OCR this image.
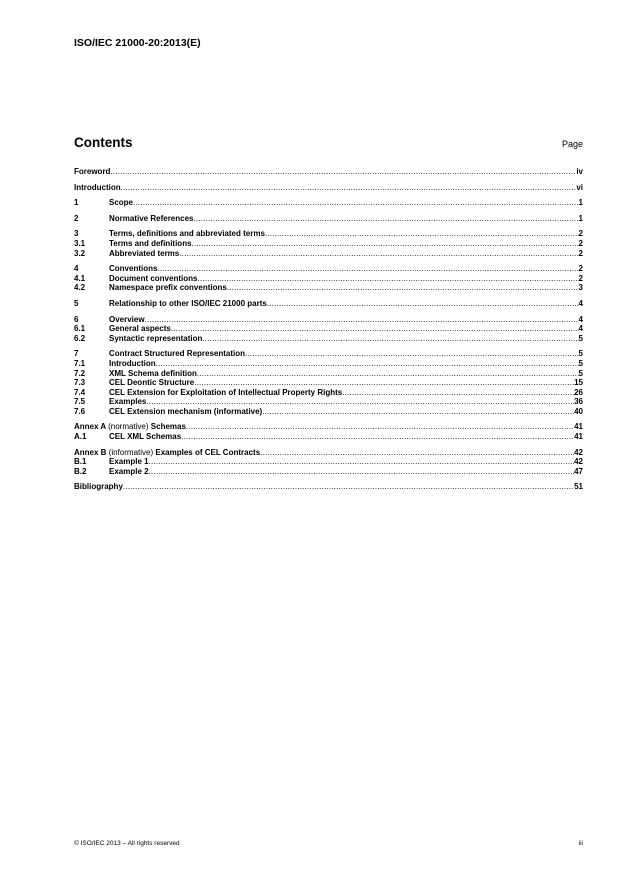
ISO/IEC 21000-20:2013(E)
Contents	Page
Foreword .....	iv
Introduction .....	vi
1	Scope .....	1
2	Normative References .....	1
3	Terms, definitions and abbreviated terms .....	2
3.1	Terms and definitions .....	2
3.2	Abbreviated terms .....	2
4	Conventions .....	2
4.1	Document conventions .....	2
4.2	Namespace prefix conventions .....	3
5	Relationship to other ISO/IEC 21000 parts .....	4
6	Overview .....	4
6.1	General aspects .....	4
6.2	Syntactic representation .....	5
7	Contract Structured Representation .....	5
7.1	Introduction .....	5
7.2	XML Schema definition .....	5
7.3	CEL Deontic Structure .....	15
7.4	CEL Extension for Exploitation of Intellectual Property Rights .....	26
7.5	Examples .....	36
7.6	CEL Extension mechanism (informative) .....	40
Annex A (normative) Schemas .....	41
A.1	CEL XML Schemas .....	41
Annex B (informative) Examples of CEL Contracts .....	42
B.1	Example 1 .....	42
B.2	Example 2 .....	47
Bibliography .....	51
© ISO/IEC 2013 – All rights reserved	iii
